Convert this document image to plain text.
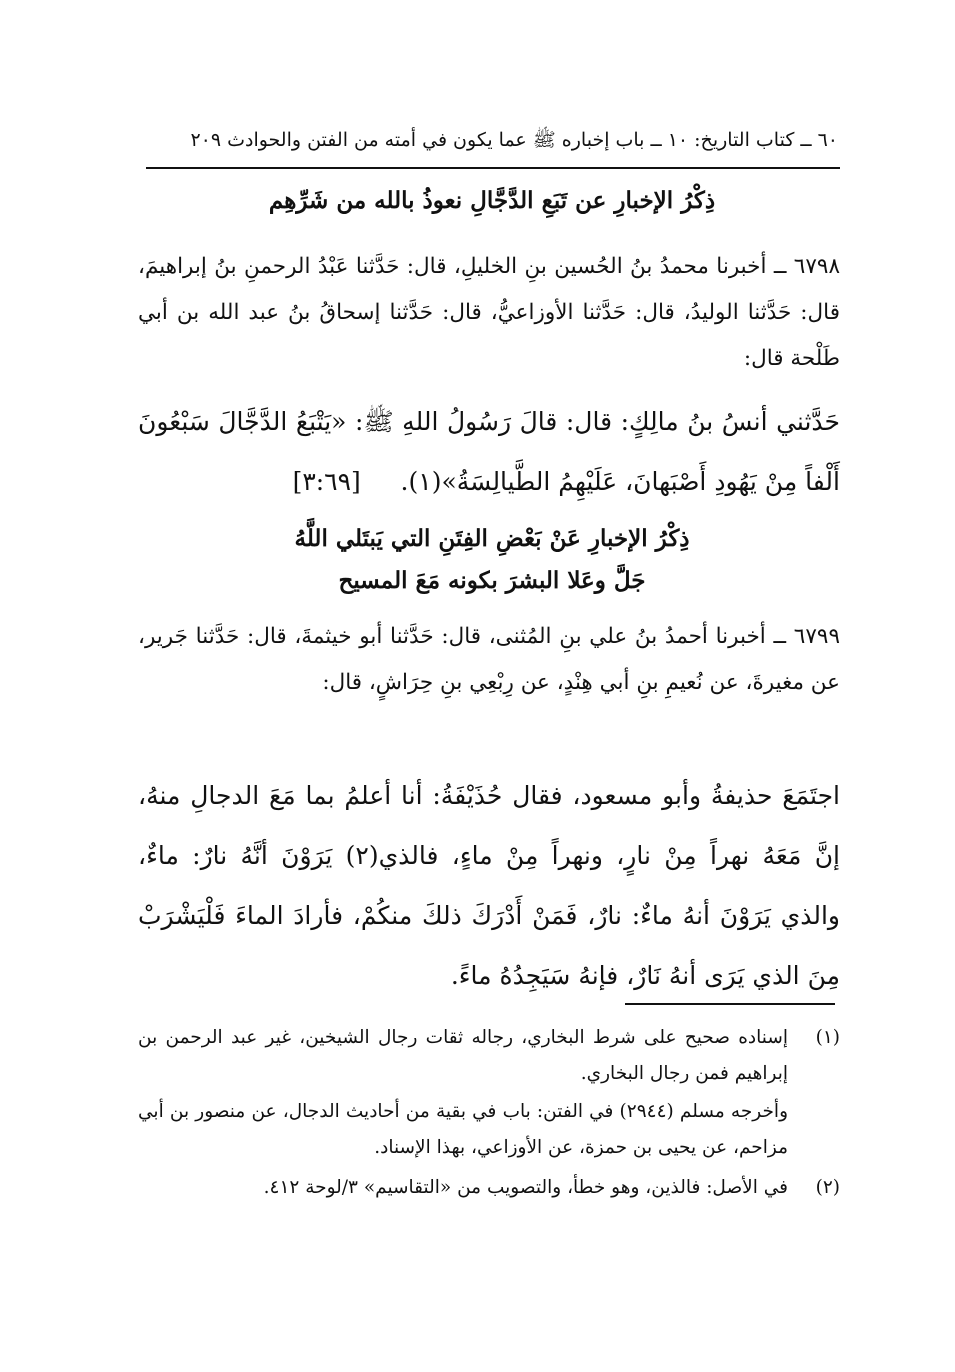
٦٠ ــ كتاب التاريخ: ١٠ ــ باب إخباره ﷺ عما يكون في أمته من الفتن والحوادث ٢٠٩
ذِكْرُ الإخبارِ عن تَبَعِ الدَّجَّالِ نعوذُ بالله من شَرِّهِم

٦٧٩٨ ــ أخبرنا محمدُ بنُ الحُسين بنِ الخليلِ، قال: حَدَّثنا عَبْدُ الرحمنِ بنُ إبراهيمَ، قال: حَدَّثنا الوليدُ، قال: حَدَّثنا الأوزاعيُّ، قال: حَدَّثنا إسحاقُ بنُ عبد الله بن أبي طَلْحة قال:

حَدَّثني أنسُ بنُ مالِكٍ: قال: قالَ رَسُولُ اللهِ ﷺ: «يَتْبَعُ الدَّجَّالَ سَبْعُونَ أَلْفاً مِنْ يَهُودِ أَصْبَهانَ، عَلَيْهِمُ الطَّيالِسَةُ»(١).     [٣:٦٩]

ذِكْرُ الإخبارِ عَنْ بَعْضِ الفِتَنِ التي يَبتَلي اللَّهُ
جَلَّ وعَلا البشرَ بكونه مَعَ المسيح

٦٧٩٩ ــ أخبرنا أحمدُ بنُ علي بنِ المُثنى، قال: حَدَّثنا أبو خيثمةَ، قال: حَدَّثنا جَرير، عن مغيرةَ، عن نُعيمِ بنِ أبي هِنْدٍ، عن رِبْعِي بنِ حِرَاشٍ، قال:

اجتَمَعَ حذيفةُ وأبو مسعود، فقال حُذَيْفَةُ: أنا أعلمُ بما مَعَ الدجالِ منهُ، إنَّ مَعَهُ نهراً مِنْ نارٍ، ونهراً مِنْ ماءٍ، فالذي(٢) يَرَوْنَ أنَّهُ نارٌ: ماءٌ، والذي يَرَوْنَ أنهُ ماءٌ: نارٌ، فَمَنْ أَدْرَكَ ذلكَ منكُمْ، فأرادَ الماءَ فَلْيَشْرَبْ مِنَ الذي يَرَى أنهُ نَارٌ، فإنهُ سَيَجِدُهُ ماءً.

(١)
إسناده صحيح على شرط البخاري، رجاله ثقات رجال الشيخين، غير عبد الرحمن بن إبراهيم فمن رجال البخاري.
وأخرجه مسلم (٢٩٤٤) في الفتن: باب في بقية من أحاديث الدجال، عن منصور بن أبي مزاحم، عن يحيى بن حمزة، عن الأوزاعي، بهذا الإسناد.
(٢)
في الأصل: فالذين، وهو خطأ، والتصويب من «التقاسيم» ٣/لوحة ٤١٢.
